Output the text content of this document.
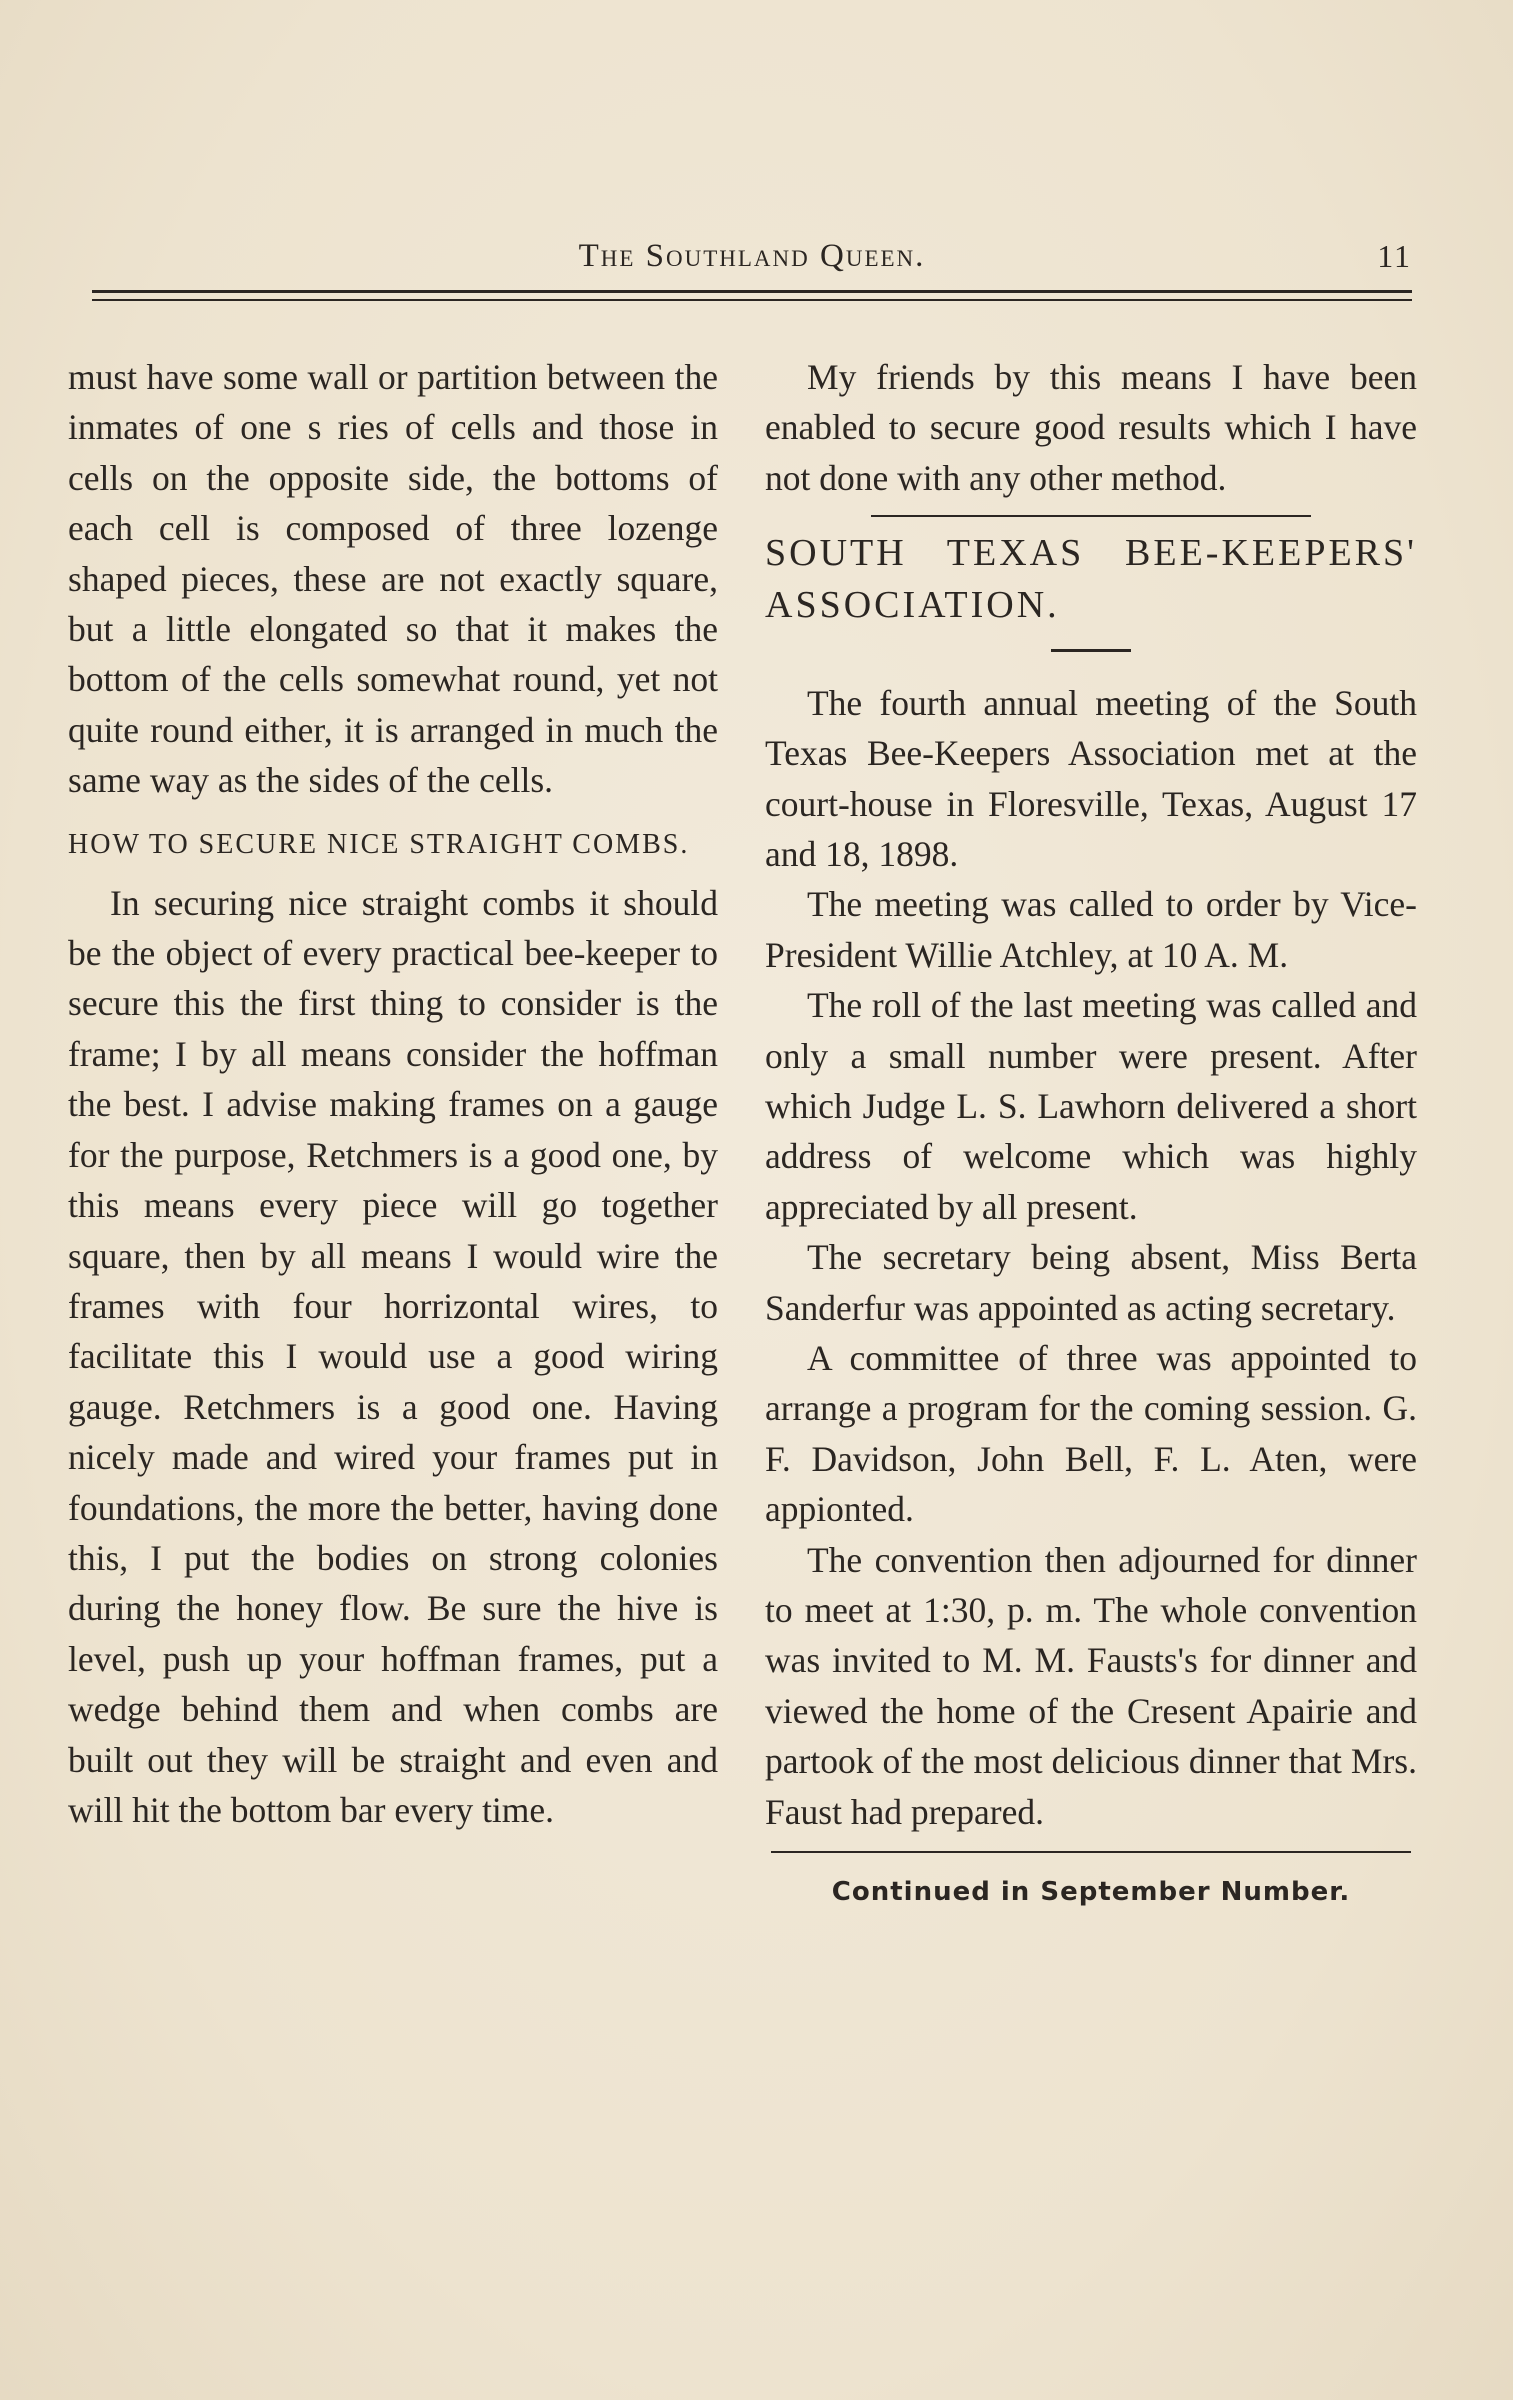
The Southland Queen.	11

must have some wall or partition between the inmates of one s ries of cells and those in cells on the opposite side, the bottoms of each cell is composed of three lozenge shaped pieces, these are not exactly square, but a little elongated so that it makes the bottom of the cells somewhat round, yet not quite round either, it is arranged in much the same way as the sides of the cells.

HOW TO SECURE NICE STRAIGHT COMBS.

In securing nice straight combs it should be the object of every practical bee-keeper to secure this the first thing to consider is the frame; I by all means consider the hoffman the best. I advise making frames on a gauge for the purpose, Retchmers is a good one, by this means every piece will go together square, then by all means I would wire the frames with four horrizontal wires, to facilitate this I would use a good wiring gauge. Retchmers is a good one. Having nicely made and wired your frames put in foundations, the more the better, having done this, I put the bodies on strong colonies during the honey flow. Be sure the hive is level, push up your hoffman frames, put a wedge behind them and when combs are built out they will be straight and even and will hit the bottom bar every time.

My friends by this means I have been enabled to secure good results which I have not done with any other method.

SOUTH TEXAS BEE-KEEPERS' ASSOCIATION.

The fourth annual meeting of the South Texas Bee-Keepers Association met at the court-house in Floresville, Texas, August 17 and 18, 1898.

The meeting was called to order by Vice-President Willie Atchley, at 10 A. M.

The roll of the last meeting was called and only a small number were present. After which Judge L. S. Lawhorn delivered a short address of welcome which was highly appreciated by all present.

The secretary being absent, Miss Berta Sanderfur was appointed as acting secretary.

A committee of three was appointed to arrange a program for the coming session. G. F. Davidson, John Bell, F. L. Aten, were appionted.

The convention then adjourned for dinner to meet at 1:30, p. m. The whole convention was invited to M. M. Fausts's for dinner and viewed the home of the Cresent Apairie and partook of the most delicious dinner that Mrs. Faust had prepared.

Continued in September Number.
